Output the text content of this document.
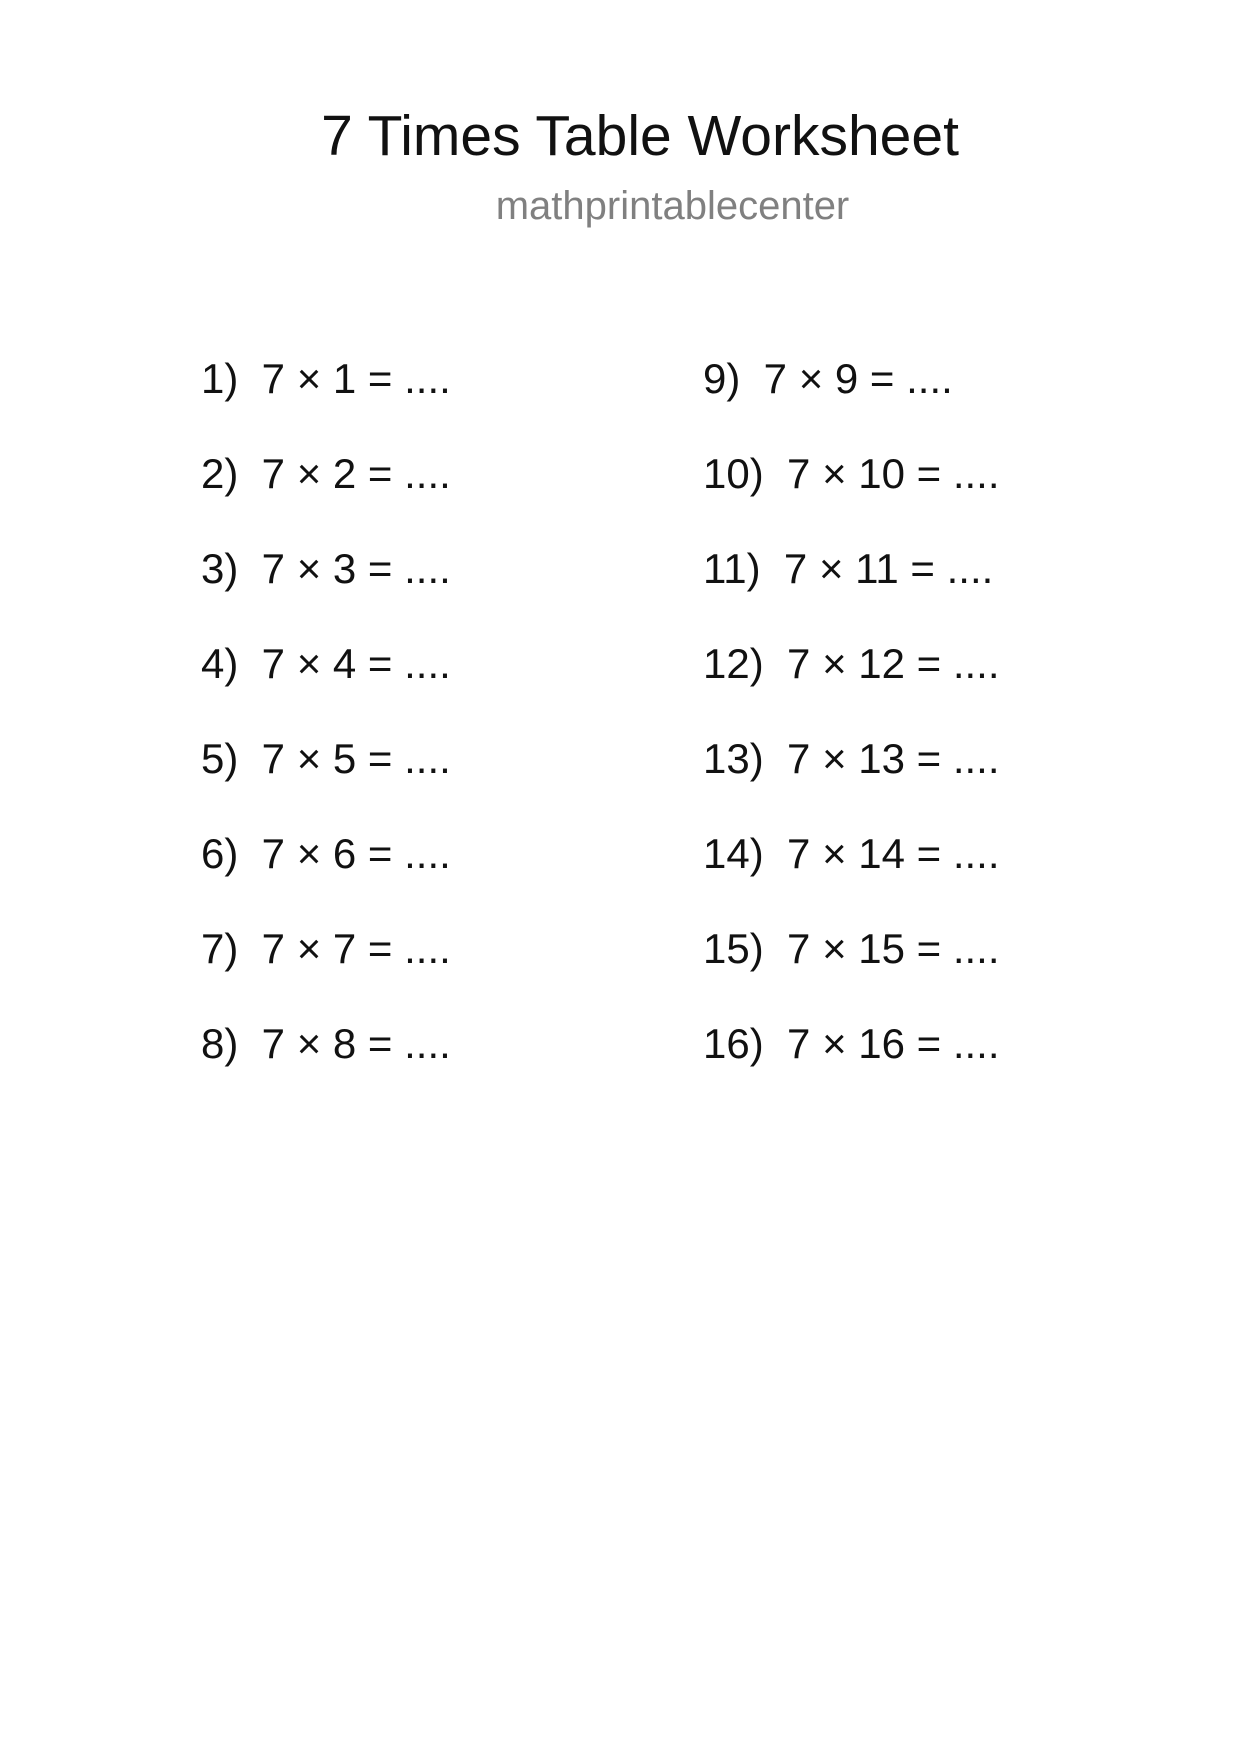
7 Times Table Worksheet
mathprintablecenter
1)  7 × 1 = ....
2)  7 × 2 = ....
3)  7 × 3 = ....
4)  7 × 4 = ....
5)  7 × 5 = ....
6)  7 × 6 = ....
7)  7 × 7 = ....
8)  7 × 8 = ....
9)  7 × 9 = ....
10)  7 × 10 = ....
11)  7 × 11 = ....
12)  7 × 12 = ....
13)  7 × 13 = ....
14)  7 × 14 = ....
15)  7 × 15 = ....
16)  7 × 16 = ....
